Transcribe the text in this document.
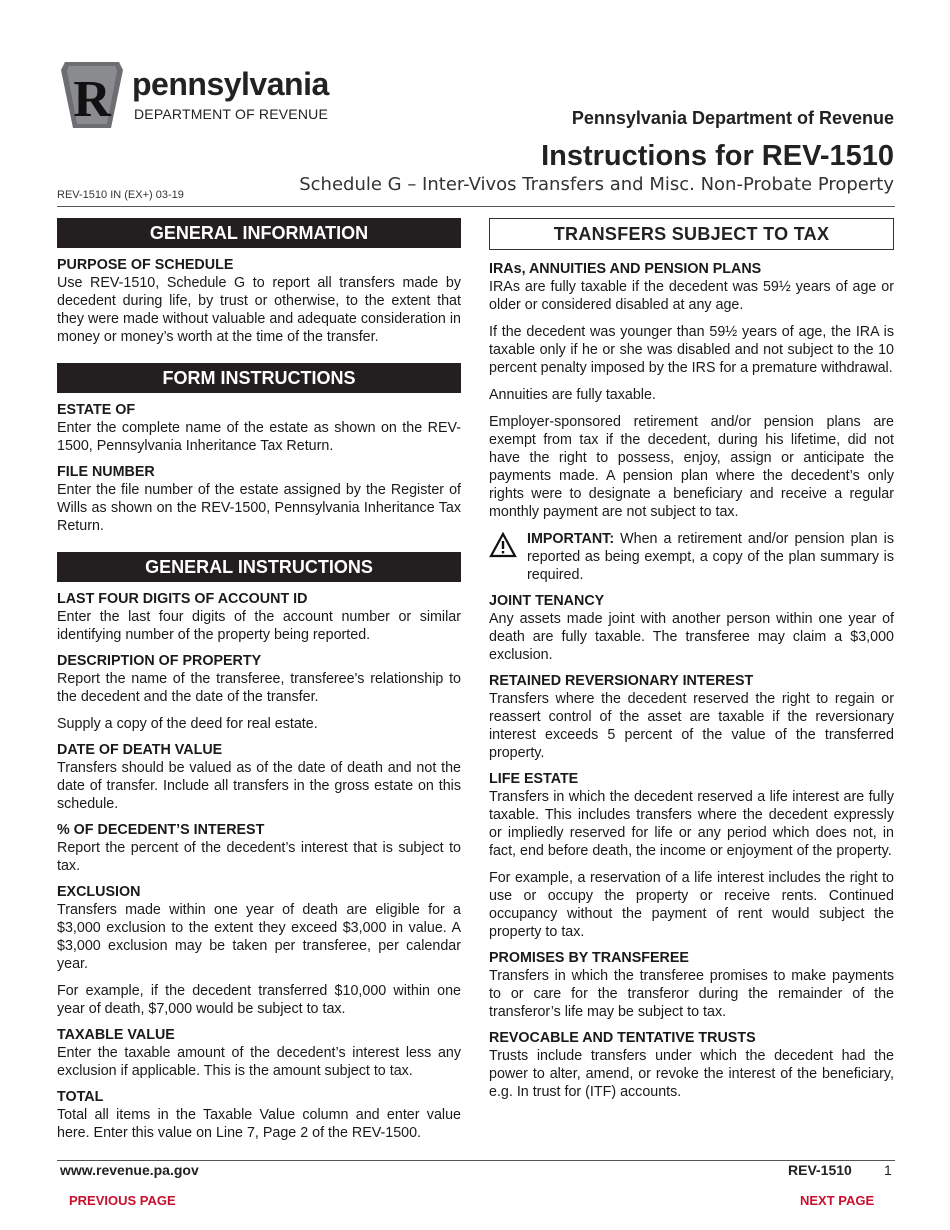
R pennsylvania
DEPARTMENT OF REVENUE	Pennsylvania Department of Revenue
Instructions for REV-1510
Schedule G – Inter-Vivos Transfers and Misc. Non-Probate Property
REV-1510 IN (EX+) 03-19
GENERAL INFORMATION
PURPOSE OF SCHEDULE

Use REV-1510, Schedule G to report all transfers made by decedent during life, by trust or otherwise, to the extent that they were made without valuable and adequate consideration in money or money’s worth at the time of the transfer.

FORM INSTRUCTIONS
ESTATE OF

Enter the complete name of the estate as shown on the REV-1500, Pennsylvania Inheritance Tax Return.

FILE NUMBER

Enter the file number of the estate assigned by the Register of Wills as shown on the REV-1500, Pennsylvania Inheritance Tax Return.

GENERAL INSTRUCTIONS
LAST FOUR DIGITS OF ACCOUNT ID

Enter the last four digits of the account number or similar identifying number of the property being reported.

DESCRIPTION OF PROPERTY

Report the name of the transferee, transferee's relationship to the decedent and the date of the transfer.

Supply a copy of the deed for real estate.

DATE OF DEATH VALUE

Transfers should be valued as of the date of death and not the date of transfer. Include all transfers in the gross estate on this schedule.

% OF DECEDENT’S INTEREST

Report the percent of the decedent’s interest that is subject to tax.

EXCLUSION

Transfers made within one year of death are eligible for a $3,000 exclusion to the extent they exceed $3,000 in value. A $3,000 exclusion may be taken per transferee, per calendar year.

For example, if the decedent transferred $10,000 within one year of death, $7,000 would be subject to tax.

TAXABLE VALUE

Enter the taxable amount of the decedent’s interest less any exclusion if applicable. This is the amount subject to tax.

TOTAL

Total all items in the Taxable Value column and enter value here. Enter this value on Line 7, Page 2 of the REV-1500.

TRANSFERS SUBJECT TO TAX
IRAs, ANNUITIES AND PENSION PLANS

IRAs are fully taxable if the decedent was 59½ years of age or older or considered disabled at any age.

If the decedent was younger than 59½ years of age, the IRA is taxable only if he or she was disabled and not subject to the 10 percent penalty imposed by the IRS for a premature withdrawal.

Annuities are fully taxable.

Employer-sponsored retirement and/or pension plans are exempt from tax if the decedent, during his lifetime, did not have the right to possess, enjoy, assign or anticipate the payments made. A pension plan where the decedent’s only rights were to designate a beneficiary and receive a regular monthly payment are not subject to tax.

IMPORTANT: When a retirement and/or pension plan is reported as being exempt, a copy of the plan summary is required.

JOINT TENANCY

Any assets made joint with another person within one year of death are fully taxable. The transferee may claim a $3,000 exclusion.

RETAINED REVERSIONARY INTEREST

Transfers where the decedent reserved the right to regain or reassert control of the asset are taxable if the reversionary interest exceeds 5 percent of the value of the transferred property.

LIFE ESTATE

Transfers in which the decedent reserved a life interest are fully taxable. This includes transfers where the decedent expressly or impliedly reserved for life or any period which does not, in fact, end before death, the income or enjoyment of the property.

For example, a reservation of a life interest includes the right to use or occupy the property or receive rents. Continued occupancy without the payment of rent would subject the property to tax.

PROMISES BY TRANSFEREE

Transfers in which the transferee promises to make payments to or care for the transferor during the remainder of the transferor’s life may be subject to tax.

REVOCABLE AND TENTATIVE TRUSTS

Trusts include transfers under which the decedent had the power to alter, amend, or revoke the interest of the beneficiary, e.g. In trust for (ITF) accounts.

www.revenue.pa.gov	REV-1510 1
PREVIOUS PAGE	NEXT PAGE
